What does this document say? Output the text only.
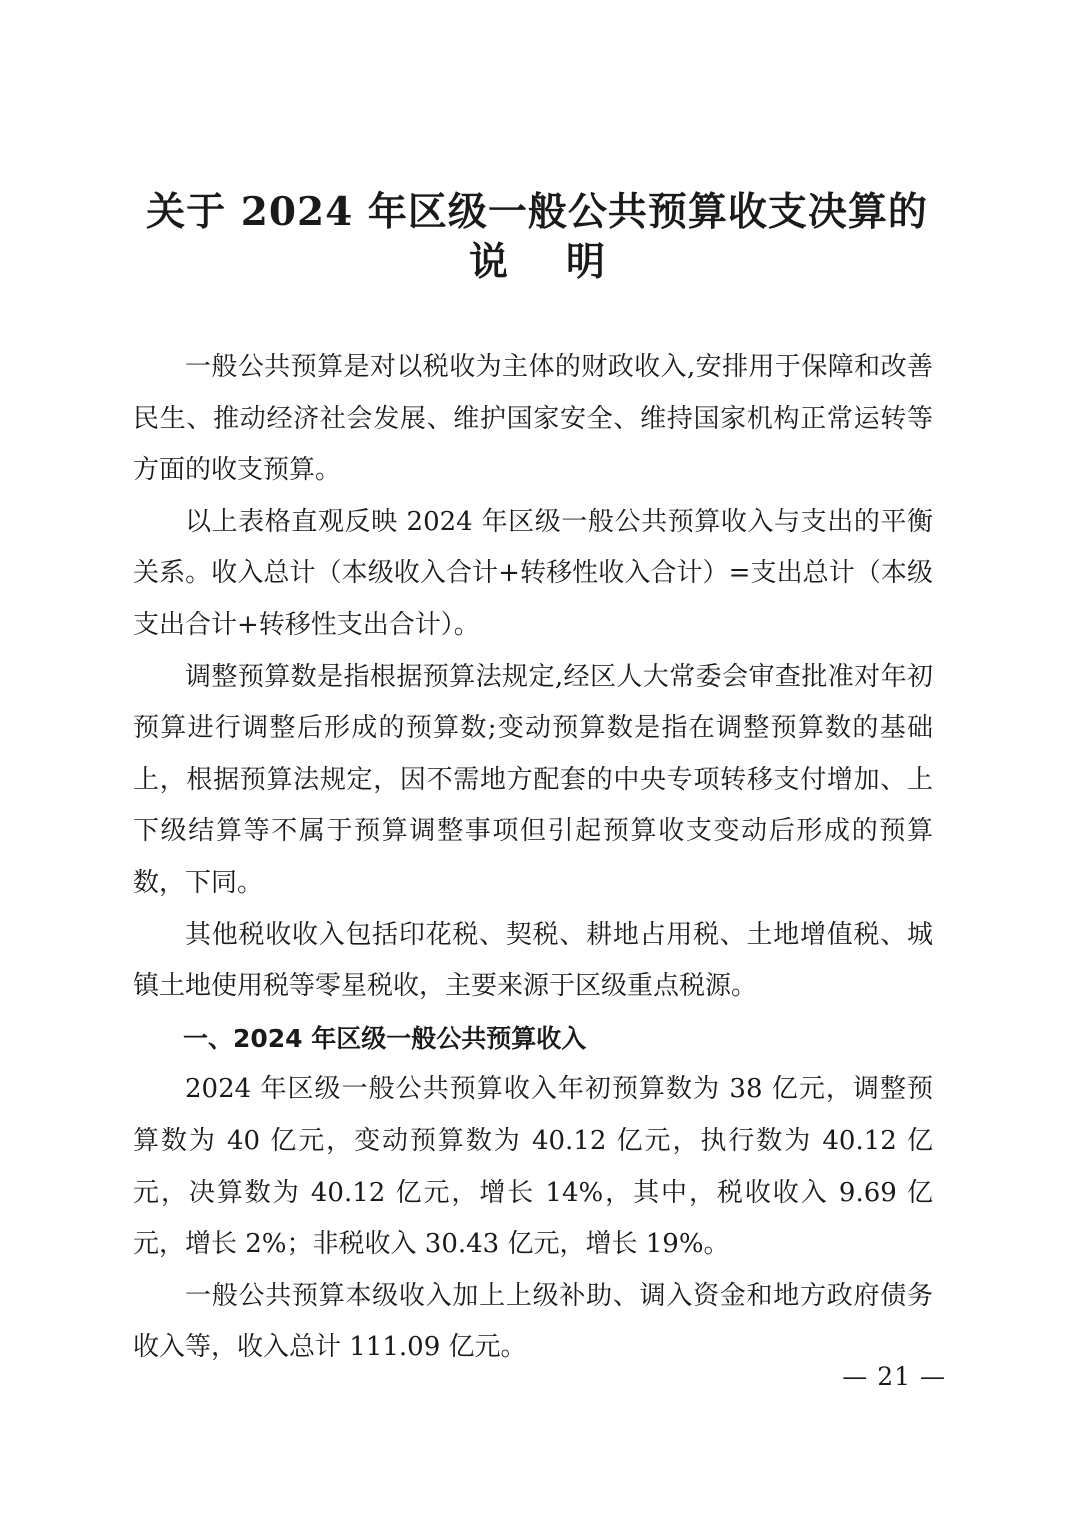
关于 2024 年区级一般公共预算收支决算的
说明

一般公共预算是对以税收为主体的财政收入,安排用于保障和改善民生、推动经济社会发展、维护国家安全、维持国家机构正常运转等方面的收支预算。

以上表格直观反映 2024 年区级一般公共预算收入与支出的平衡关系。收入总计（本级收入合计+转移性收入合计）=支出总计（本级支出合计+转移性支出合计）。

调整预算数是指根据预算法规定,经区人大常委会审查批准对年初预算进行调整后形成的预算数;变动预算数是指在调整预算数的基础上，根据预算法规定，因不需地方配套的中央专项转移支付增加、上下级结算等不属于预算调整事项但引起预算收支变动后形成的预算数，下同。

其他税收收入包括印花税、契税、耕地占用税、土地增值税、城镇土地使用税等零星税收，主要来源于区级重点税源。

一、2024 年区级一般公共预算收入

2024 年区级一般公共预算收入年初预算数为 38 亿元，调整预算数为 40 亿元，变动预算数为 40.12 亿元，执行数为 40.12 亿元，决算数为 40.12 亿元，增长 14%，其中，税收收入 9.69 亿元，增长 2%；非税收入 30.43 亿元，增长 19%。

一般公共预算本级收入加上上级补助、调入资金和地方政府债务收入等，收入总计 111.09 亿元。

— 21 —
